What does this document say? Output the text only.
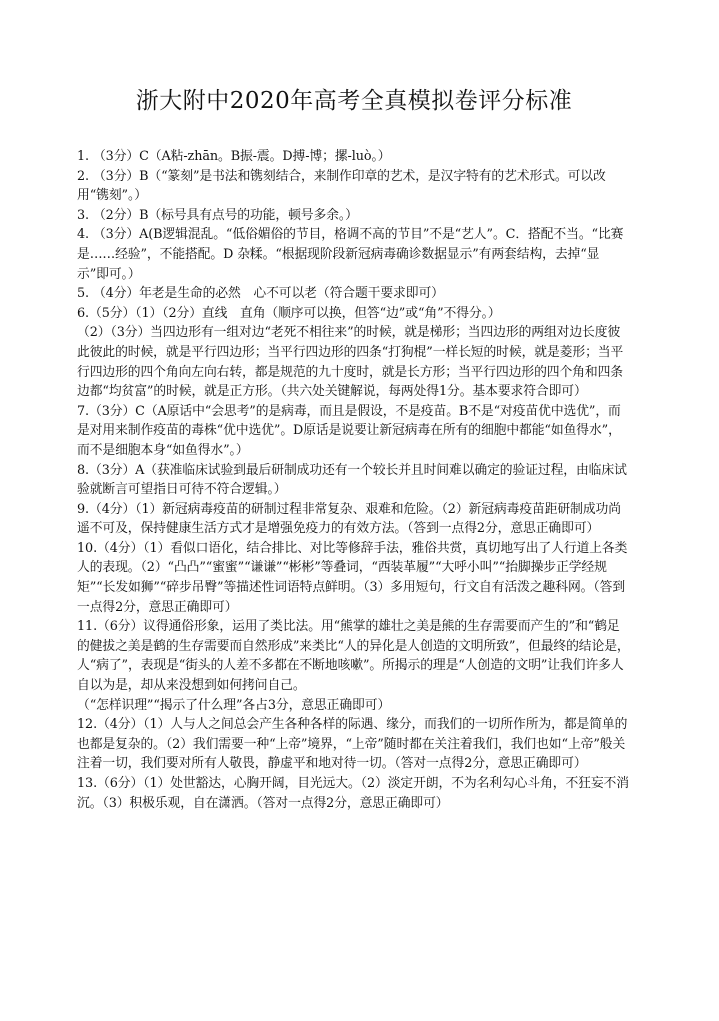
浙大附中2020年高考全真模拟卷评分标准

1. （3分）C（A粘-zhān。B振-震。D搏-博；摞-luò。）

2. （3分）B（“篆刻”是书法和镌刻结合，来制作印章的艺术，是汉字特有的艺术形式。可以改用“镌刻”。）

3. （2分）B（标号具有点号的功能，顿号多余。）

4. （3分）A(B逻辑混乱。“低俗媚俗的节目，格调不高的节目”不是“艺人”。C．搭配不当。“比赛是……经验”，不能搭配。D 杂糅。“根据现阶段新冠病毒确诊数据显示”有两套结构，去掉“显示”即可。）

5. （4分）年老是生命的必然　心不可以老（符合题干要求即可）

6.（5分）（1）（2分）直线　直角（顺序可以换，但答“边”或“角”不得分。）

（2）（3分）当四边形有一组对边“老死不相往来”的时候，就是梯形；当四边形的两组对边长度彼此彼此的时候，就是平行四边形；当平行四边形的四条“打狗棍”一样长短的时候，就是菱形；当平行四边形的四个角向左向右转，都是规范的九十度时，就是长方形；当平行四边形的四个角和四条边都“均贫富”的时候，就是正方形。（共六处关键解说，每两处得1分。基本要求符合即可）

7.（3分）C（A原话中“会思考”的是病毒，而且是假设，不是疫苗。B不是“对疫苗优中选优”，而是对用来制作疫苗的毒株“优中选优”。D原话是说要让新冠病毒在所有的细胞中都能“如鱼得水”，而不是细胞本身“如鱼得水”。）

8.（3分）A（获准临床试验到最后研制成功还有一个较长并且时间难以确定的验证过程，由临床试验就断言可望指日可待不符合逻辑。）

9.（4分）（1）新冠病毒疫苗的研制过程非常复杂、艰难和危险。（2）新冠病毒疫苗距研制成功尚遥不可及，保持健康生活方式才是增强免疫力的有效方法。（答到一点得2分，意思正确即可）

10.（4分）（1）看似口语化，结合排比、对比等修辞手法，雅俗共赏，真切地写出了人行道上各类人的表现。（2）“凸凸”“蜜蜜”“谦谦”“彬彬”等叠词，“西装革履”“大呼小叫”“抬脚操步正学经规矩”“长发如狮”“碎步吊臀”等描述性词语特点鲜明。（3）多用短句，行文自有活泼之趣科网。（答到一点得2分，意思正确即可）

11.（6分）议得通俗形象，运用了类比法。用“熊掌的雄壮之美是熊的生存需要而产生的”和“鹤足的健拔之美是鹤的生存需要而自然形成”来类比“人的异化是人创造的文明所致”，但最终的结论是，人“病了”，表现是“街头的人差不多都在不断地咳嗽”。所揭示的理是“人创造的文明”让我们许多人自以为是，却从来没想到如何拷问自己。

（“怎样识理”“揭示了什么理”各占3分，意思正确即可）

12.（4分）（1）人与人之间总会产生各种各样的际遇、缘分，而我们的一切所作所为，都是简单的也都是复杂的。（2）我们需要一种“上帝”境界，“上帝”随时都在关注着我们，我们也如“上帝”般关注着一切，我们要对所有人敬畏，静虚平和地对待一切。（答对一点得2分，意思正确即可）

13.（6分）（1）处世豁达，心胸开阔，目光远大。（2）淡定开朗，不为名利勾心斗角，不狂妄不消沉。（3）积极乐观，自在潇洒。（答对一点得2分，意思正确即可）
